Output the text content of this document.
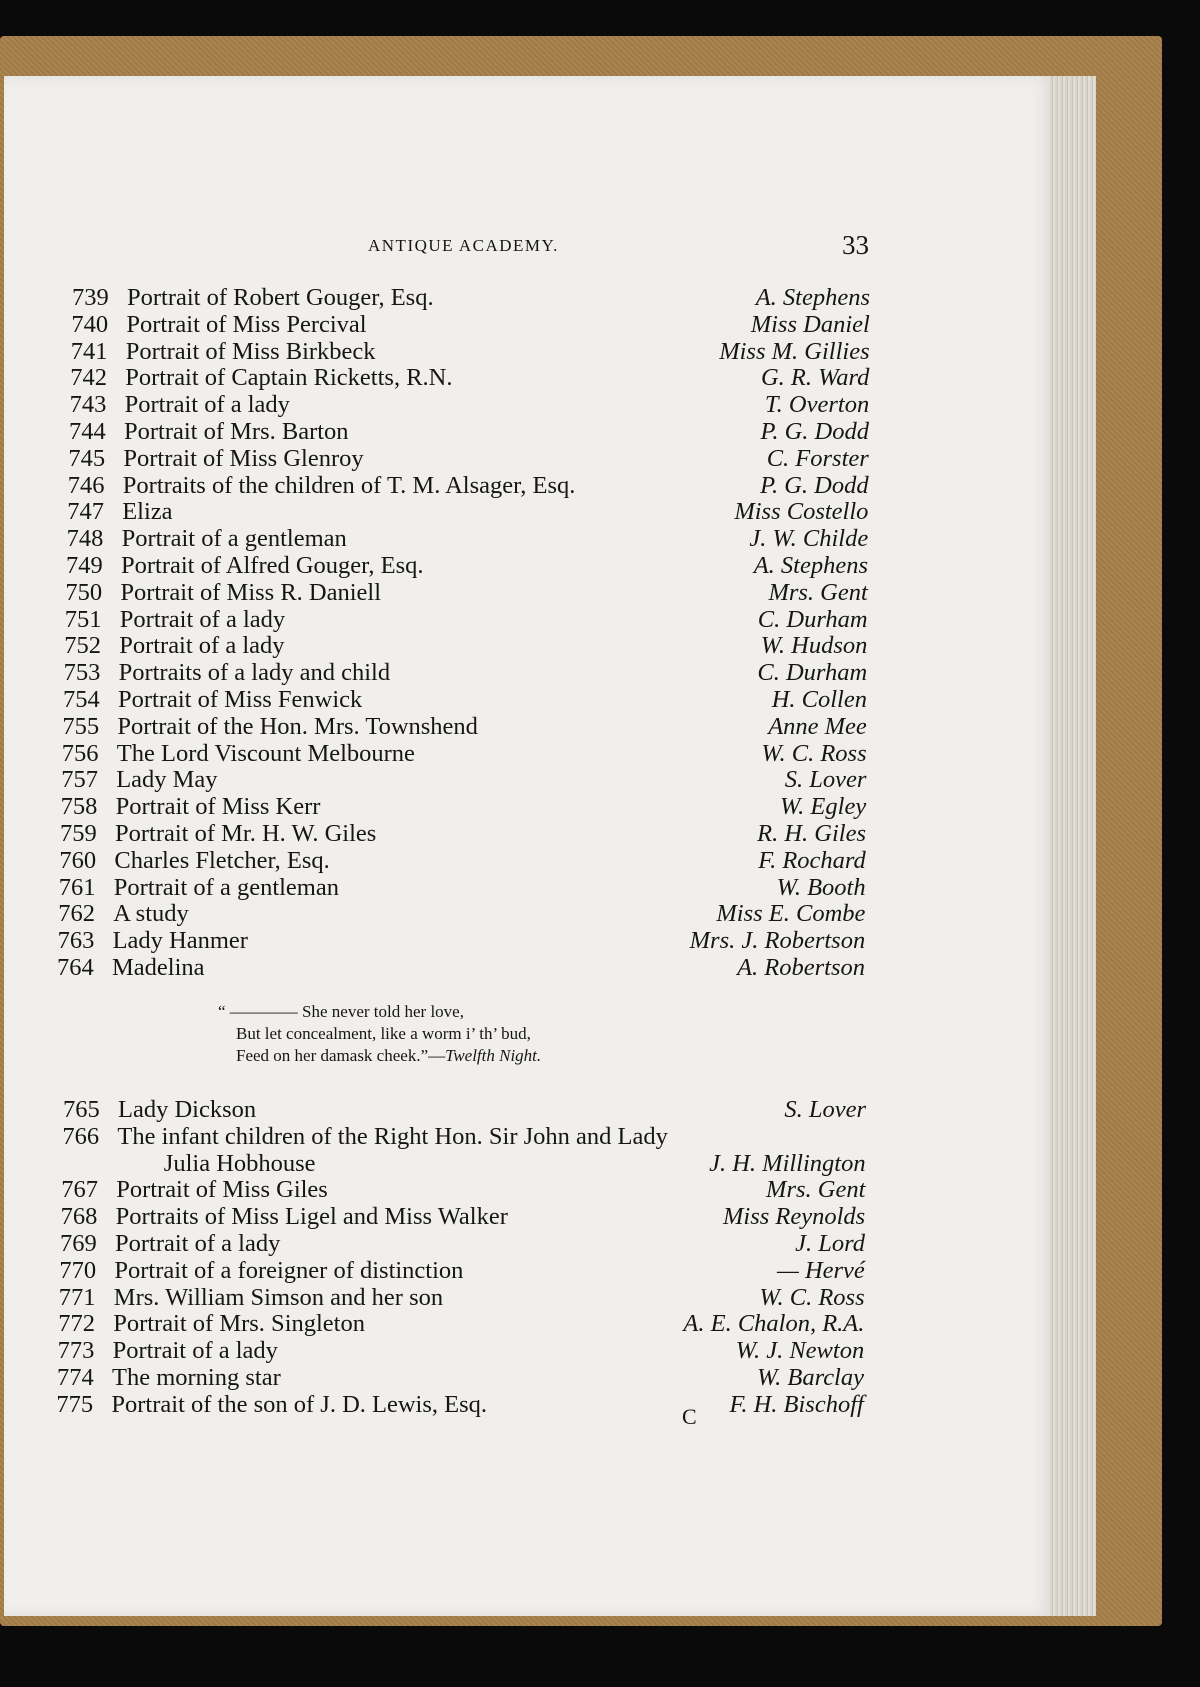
ANTIQUE ACADEMY.	33
739 Portrait of Robert Gouger, Esq.	A. Stephens
740 Portrait of Miss Percival	Miss Daniel
741 Portrait of Miss Birkbeck	Miss M. Gillies
742 Portrait of Captain Ricketts, R.N.	G. R. Ward
743 Portrait of a lady	T. Overton
744 Portrait of Mrs. Barton	P. G. Dodd
745 Portrait of Miss Glenroy	C. Forster
746 Portraits of the children of T. M. Alsager, Esq.	P. G. Dodd
747 Eliza	Miss Costello
748 Portrait of a gentleman	J. W. Childe
749 Portrait of Alfred Gouger, Esq.	A. Stephens
750 Portrait of Miss R. Daniell	Mrs. Gent
751 Portrait of a lady	C. Durham
752 Portrait of a lady	W. Hudson
753 Portraits of a lady and child	C. Durham
754 Portrait of Miss Fenwick	H. Collen
755 Portrait of the Hon. Mrs. Townshend	Anne Mee
756 The Lord Viscount Melbourne	W. C. Ross
757 Lady May	S. Lover
758 Portrait of Miss Kerr	W. Egley
759 Portrait of Mr. H. W. Giles	R. H. Giles
760 Charles Fletcher, Esq.	F. Rochard
761 Portrait of a gentleman	W. Booth
762 A study	Miss E. Combe
763 Lady Hanmer	Mrs. J. Robertson
764 Madelina	A. Robertson
765 Lady Dickson	S. Lover
766 The infant children of the Right Hon. Sir John and Lady
Julia Hobhouse	J. H. Millington
767 Portrait of Miss Giles	Mrs. Gent
768 Portraits of Miss Ligel and Miss Walker	Miss Reynolds
769 Portrait of a lady	J. Lord
770 Portrait of a foreigner of distinction	— Hervé
771 Mrs. William Simson and her son	W. C. Ross
772 Portrait of Mrs. Singleton	A. E. Chalon, R.A.
773 Portrait of a lady	W. J. Newton
774 The morning star	W. Barclay
775 Portrait of the son of J. D. Lewis, Esq.	F. H. Bischoff
“ ———— She never told her love,
But let concealment, like a worm i’ th’ bud,
Feed on her damask cheek.”—Twelfth Night.
C
